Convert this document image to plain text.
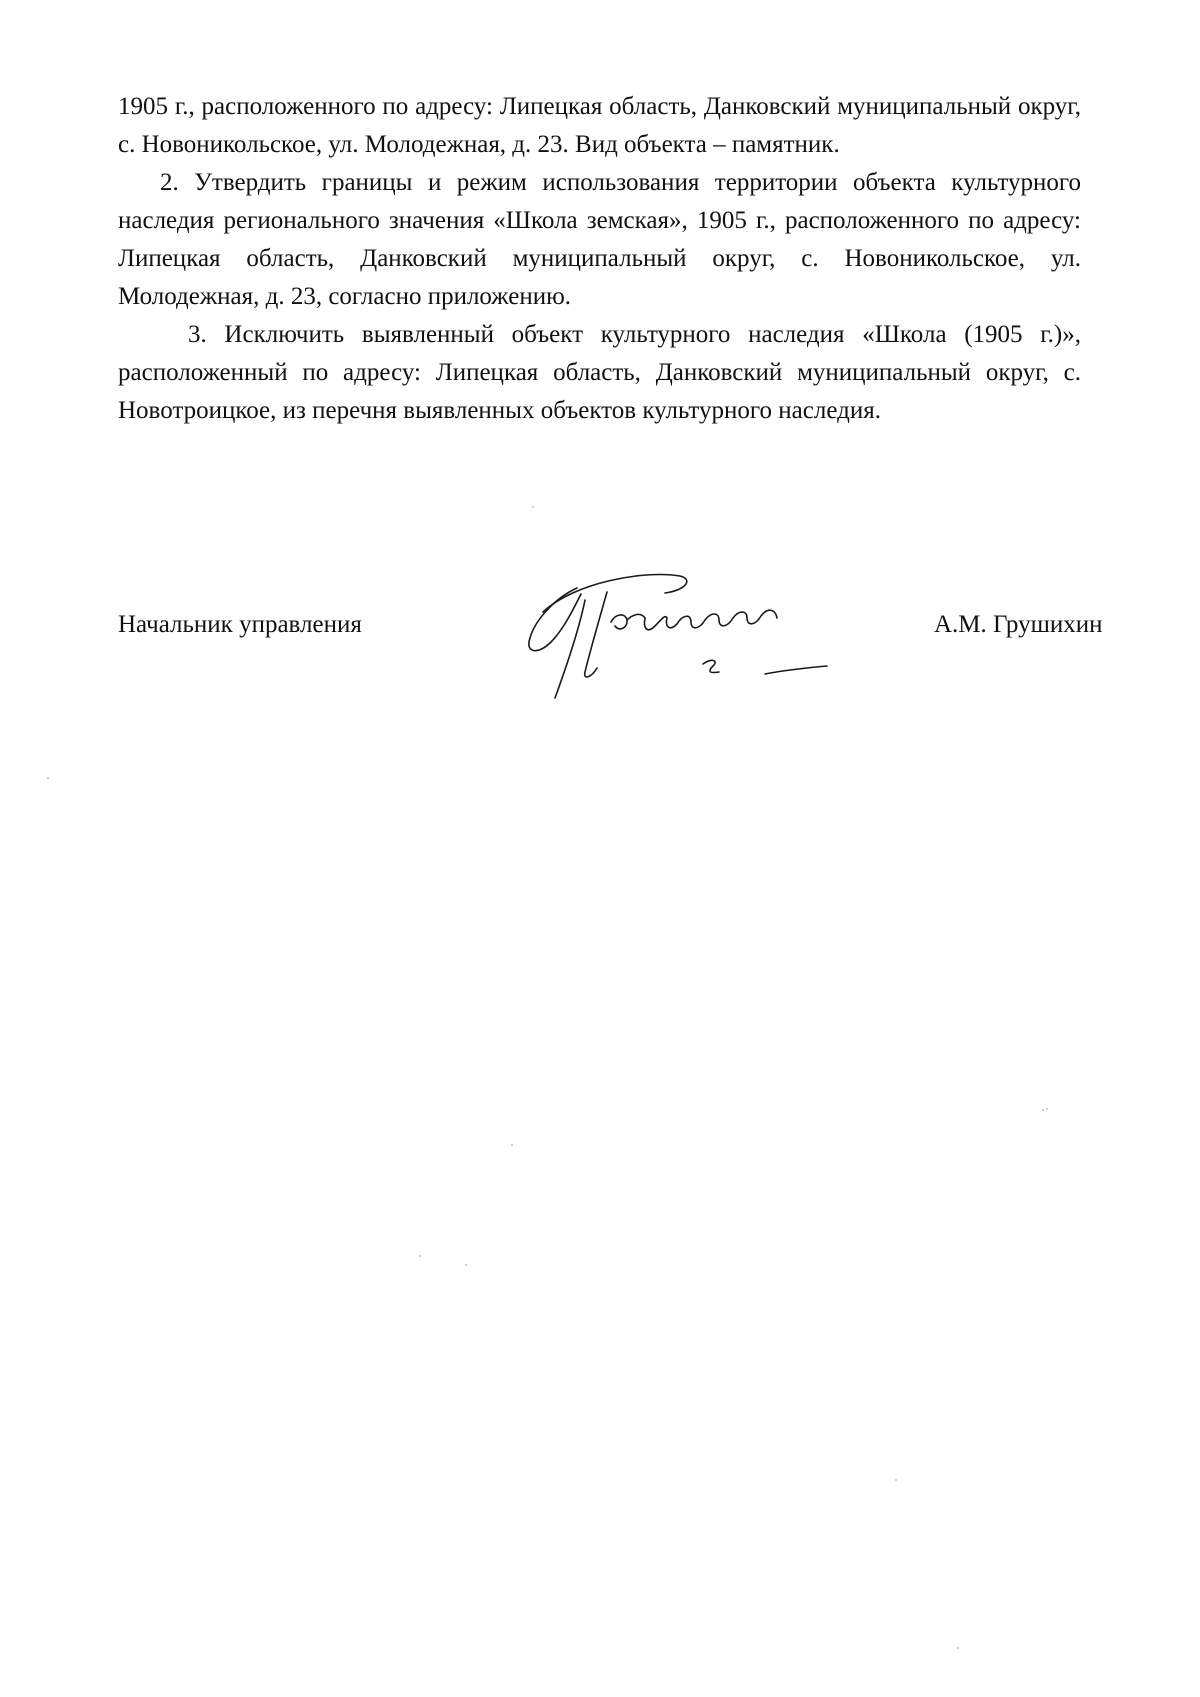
1905 г., расположенного по адресу: Липецкая область, Данковский муниципальный округ, с. Новоникольское, ул. Молодежная, д. 23. Вид объекта – памятник.

2. Утвердить границы и режим использования территории объекта культурного наследия регионального значения «Школа земская», 1905 г., расположенного по адресу: Липецкая область, Данковский муниципальный округ, с. Новоникольское, ул. Молодежная, д. 23, согласно приложению.

3. Исключить выявленный объект культурного наследия «Школа (1905 г.)», расположенный по адресу: Липецкая область, Данковский муниципальный округ, с. Новотроицкое, из перечня выявленных объектов культурного наследия.

Начальник управления	А.М. Грушихин
